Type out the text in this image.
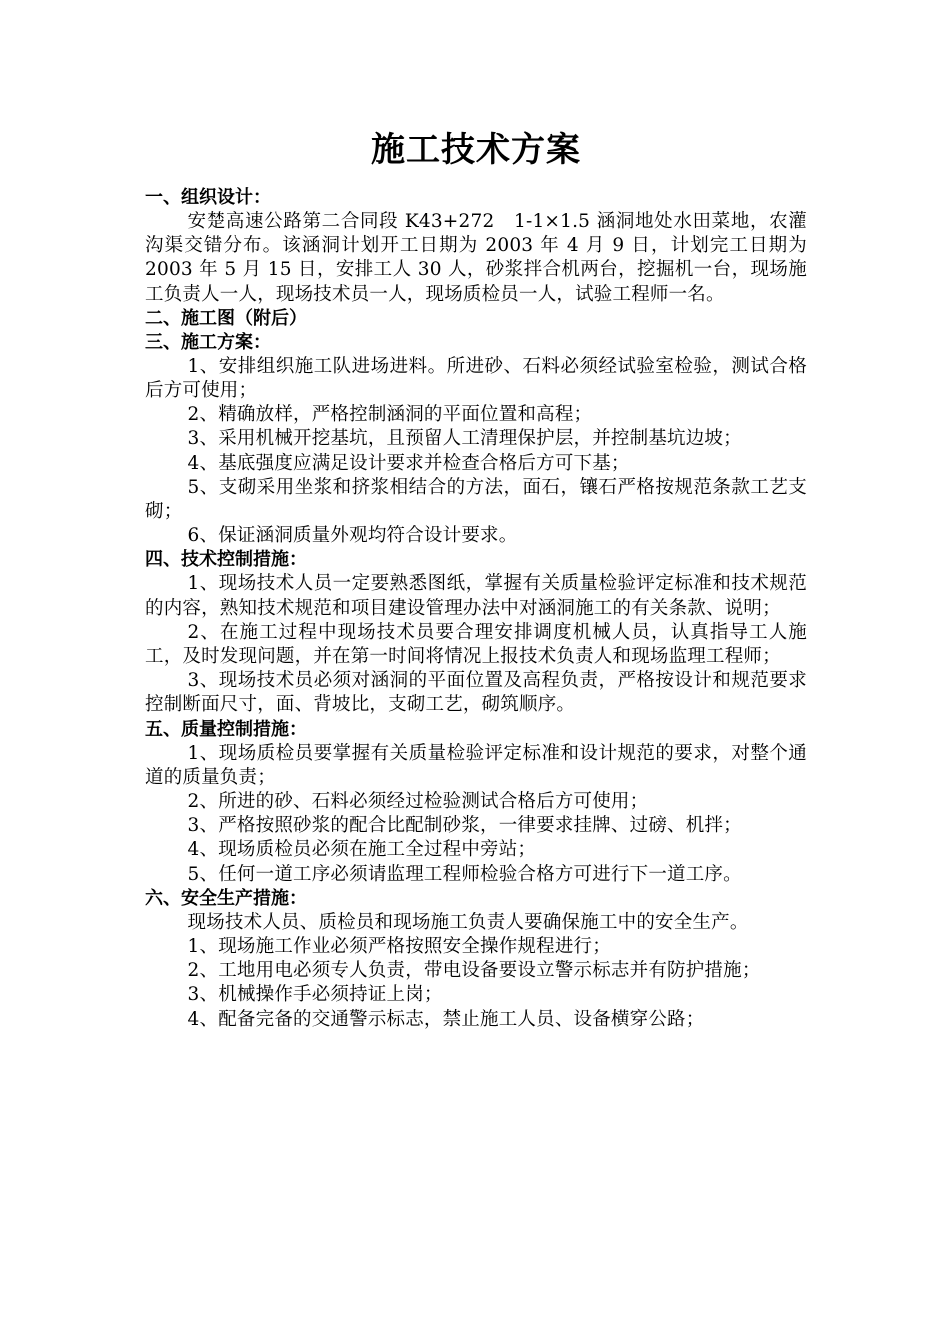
施工技术方案

一、组织设计：

安楚高速公路第二合同段 K43+272　1-1×1.5 涵洞地处水田菜地，农灌沟渠交错分布。该涵洞计划开工日期为 2003 年 4 月 9 日，计划完工日期为 2003 年 5 月 15 日，安排工人 30 人，砂浆拌合机两台，挖掘机一台，现场施工负责人一人，现场技术员一人，现场质检员一人，试验工程师一名。

二、施工图（附后）

三、施工方案：

1、安排组织施工队进场进料。所进砂、石料必须经试验室检验，测试合格后方可使用；

2、精确放样，严格控制涵洞的平面位置和高程；

3、采用机械开挖基坑，且预留人工清理保护层，并控制基坑边坡；

4、基底强度应满足设计要求并检查合格后方可下基；

5、支砌采用坐浆和挤浆相结合的方法，面石，镶石严格按规范条款工艺支砌；

6、保证涵洞质量外观均符合设计要求。

四、技术控制措施：

1、现场技术人员一定要熟悉图纸，掌握有关质量检验评定标准和技术规范的内容，熟知技术规范和项目建设管理办法中对涵洞施工的有关条款、说明；

2、在施工过程中现场技术员要合理安排调度机械人员，认真指导工人施工，及时发现问题，并在第一时间将情况上报技术负责人和现场监理工程师；

3、现场技术员必须对涵洞的平面位置及高程负责，严格按设计和规范要求控制断面尺寸，面、背坡比，支砌工艺，砌筑顺序。

五、质量控制措施：

1、现场质检员要掌握有关质量检验评定标准和设计规范的要求，对整个通道的质量负责；

2、所进的砂、石料必须经过检验测试合格后方可使用；

3、严格按照砂浆的配合比配制砂浆，一律要求挂牌、过磅、机拌；

4、现场质检员必须在施工全过程中旁站；

5、任何一道工序必须请监理工程师检验合格方可进行下一道工序。

六、安全生产措施：

现场技术人员、质检员和现场施工负责人要确保施工中的安全生产。

1、现场施工作业必须严格按照安全操作规程进行；

2、工地用电必须专人负责，带电设备要设立警示标志并有防护措施；

3、机械操作手必须持证上岗；

4、配备完备的交通警示标志，禁止施工人员、设备横穿公路；
